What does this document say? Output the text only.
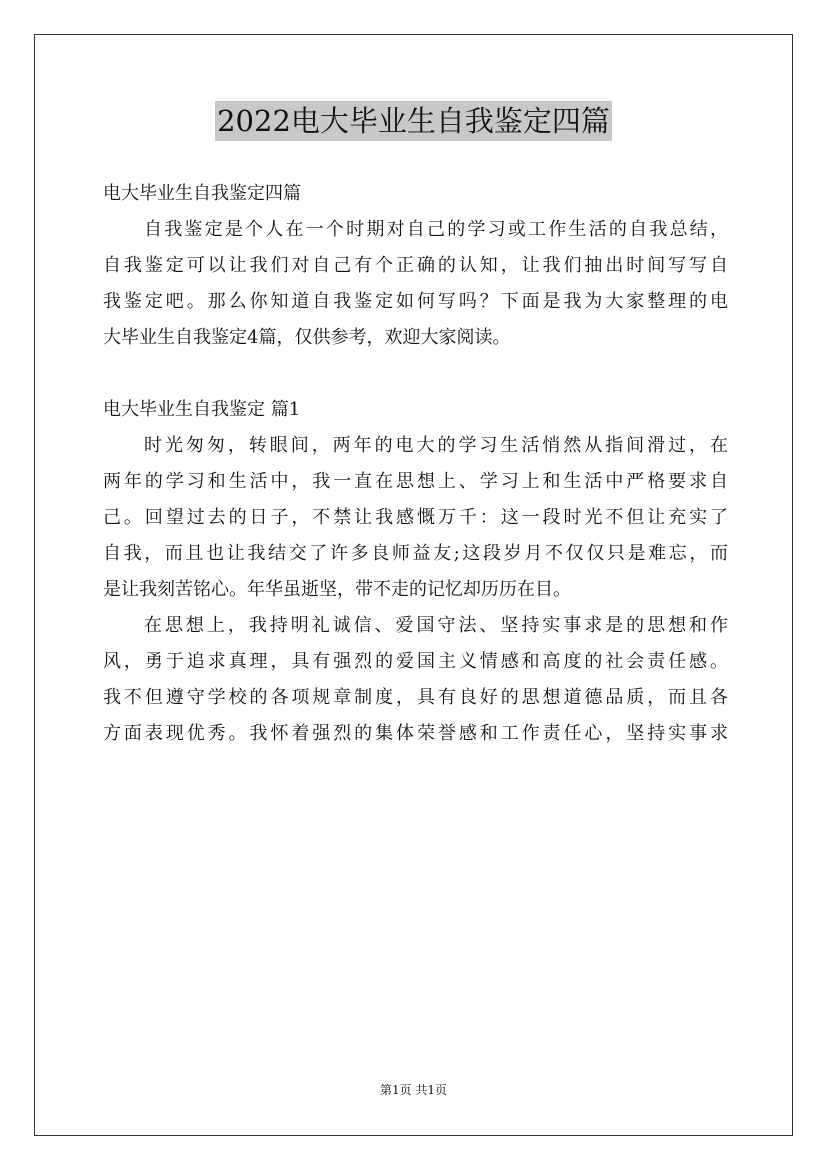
2022电大毕业生自我鉴定四篇
电大毕业生自我鉴定四篇
自我鉴定是个人在一个时期对自己的学习或工作生活的自我总结，
自我鉴定可以让我们对自己有个正确的认知，让我们抽出时间写写自
我鉴定吧。那么你知道自我鉴定如何写吗？下面是我为大家整理的电
大毕业生自我鉴定4篇，仅供参考，欢迎大家阅读。
电大毕业生自我鉴定 篇1
时光匆匆，转眼间，两年的电大的学习生活悄然从指间滑过，在
两年的学习和生活中，我一直在思想上、学习上和生活中严格要求自
己。回望过去的日子，不禁让我感慨万千：这一段时光不但让充实了
自我，而且也让我结交了许多良师益友;这段岁月不仅仅只是难忘，而
是让我刻苦铭心。年华虽逝坚，带不走的记忆却历历在目。
在思想上，我持明礼诚信、爱国守法、坚持实事求是的思想和作
风，勇于追求真理，具有强烈的爱国主义情感和高度的社会责任感。
我不但遵守学校的各项规章制度，具有良好的思想道德品质，而且各
方面表现优秀。我怀着强烈的集体荣誉感和工作责任心，坚持实事求
第1页 共1页
